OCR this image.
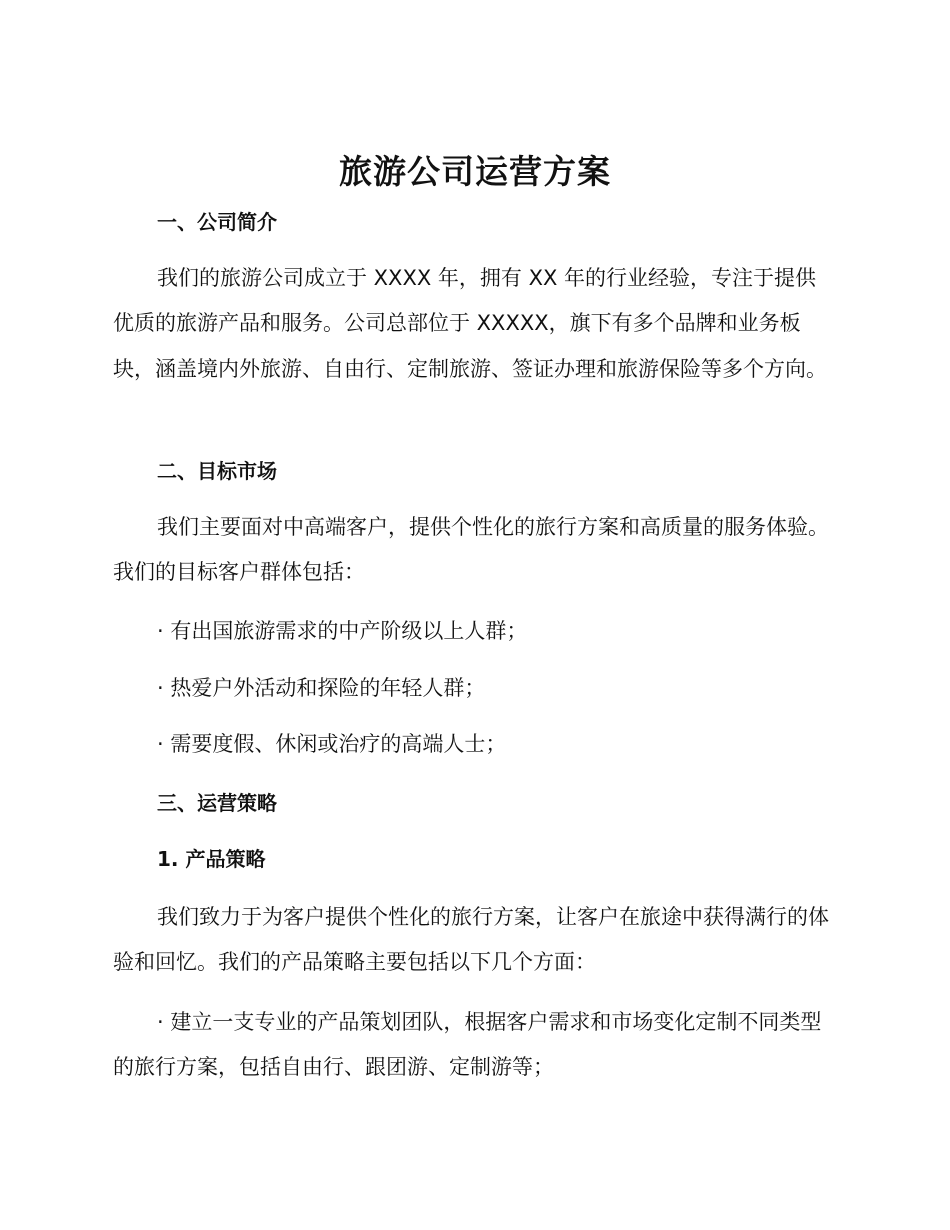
旅游公司运营方案
一、公司简介

我们的旅游公司成立于 XXXX 年，拥有 XX 年的行业经验，专注于提供优质的旅游产品和服务。公司总部位于 XXXXX，旗下有多个品牌和业务板块，涵盖境内外旅游、自由行、定制旅游、签证办理和旅游保险等多个方向。

二、目标市场

我们主要面对中高端客户，提供个性化的旅行方案和高质量的服务体验。我们的目标客户群体包括：

· 有出国旅游需求的中产阶级以上人群；
· 热爱户外活动和探险的年轻人群；
· 需要度假、休闲或治疗的高端人士；
三、运营策略
1. 产品策略

我们致力于为客户提供个性化的旅行方案，让客户在旅途中获得满行的体验和回忆。我们的产品策略主要包括以下几个方面：

· 建立一支专业的产品策划团队，根据客户需求和市场变化定制不同类型的旅行方案，包括自由行、跟团游、定制游等；
